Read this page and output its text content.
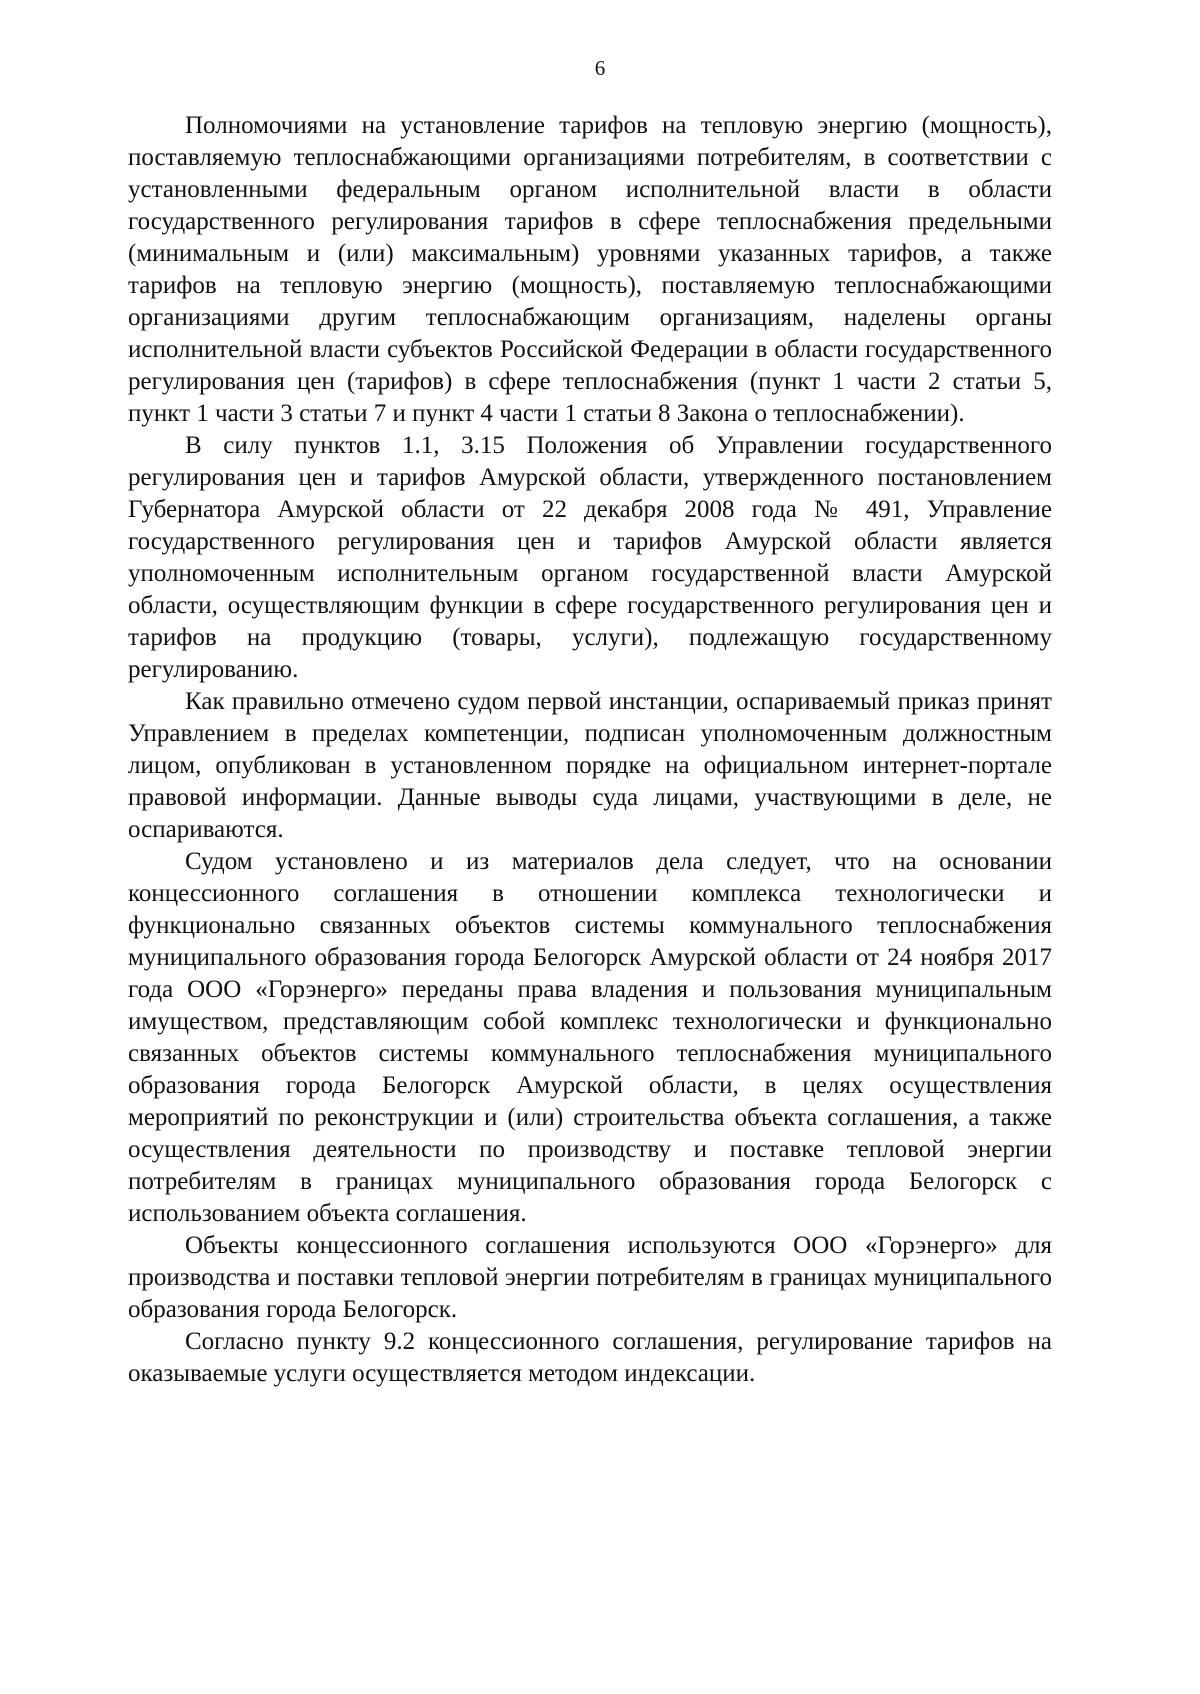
6

Полномочиями на установление тарифов на тепловую энергию (мощность), поставляемую теплоснабжающими организациями потребителям, в соответствии с установленными федеральным органом исполнительной власти в области государственного регулирования тарифов в сфере теплоснабжения предельными (минимальным и (или) максимальным) уровнями указанных тарифов, а также тарифов на тепловую энергию (мощность), поставляемую теплоснабжающими организациями другим теплоснабжающим организациям, наделены органы исполнительной власти субъектов Российской Федерации в области государственного регулирования цен (тарифов) в сфере теплоснабжения (пункт 1 части 2 статьи 5, пункт 1 части 3 статьи 7 и пункт 4 части 1 статьи 8 Закона о теплоснабжении).

В силу пунктов 1.1, 3.15 Положения об Управлении государственного регулирования цен и тарифов Амурской области, утвержденного постановлением Губернатора Амурской области от 22 декабря 2008 года № 491, Управление государственного регулирования цен и тарифов Амурской области является уполномоченным исполнительным органом государственной власти Амурской области, осуществляющим функции в сфере государственного регулирования цен и тарифов на продукцию (товары, услуги), подлежащую государственному регулированию.

Как правильно отмечено судом первой инстанции, оспариваемый приказ принят Управлением в пределах компетенции, подписан уполномоченным должностным лицом, опубликован в установленном порядке на официальном интернет-портале правовой информации. Данные выводы суда лицами, участвующими в деле, не оспариваются.

Судом установлено и из материалов дела следует, что на основании концессионного соглашения в отношении комплекса технологически и функционально связанных объектов системы коммунального теплоснабжения муниципального образования города Белогорск Амурской области от 24 ноября 2017 года ООО «Горэнерго» переданы права владения и пользования муниципальным имуществом, представляющим собой комплекс технологически и функционально связанных объектов системы коммунального теплоснабжения муниципального образования города Белогорск Амурской области, в целях осуществления мероприятий по реконструкции и (или) строительства объекта соглашения, а также осуществления деятельности по производству и поставке тепловой энергии потребителям в границах муниципального образования города Белогорск с использованием объекта соглашения.

Объекты концессионного соглашения используются ООО «Горэнерго» для производства и поставки тепловой энергии потребителям в границах муниципального образования города Белогорск.

Согласно пункту 9.2 концессионного соглашения, регулирование тарифов на оказываемые услуги осуществляется методом индексации.
